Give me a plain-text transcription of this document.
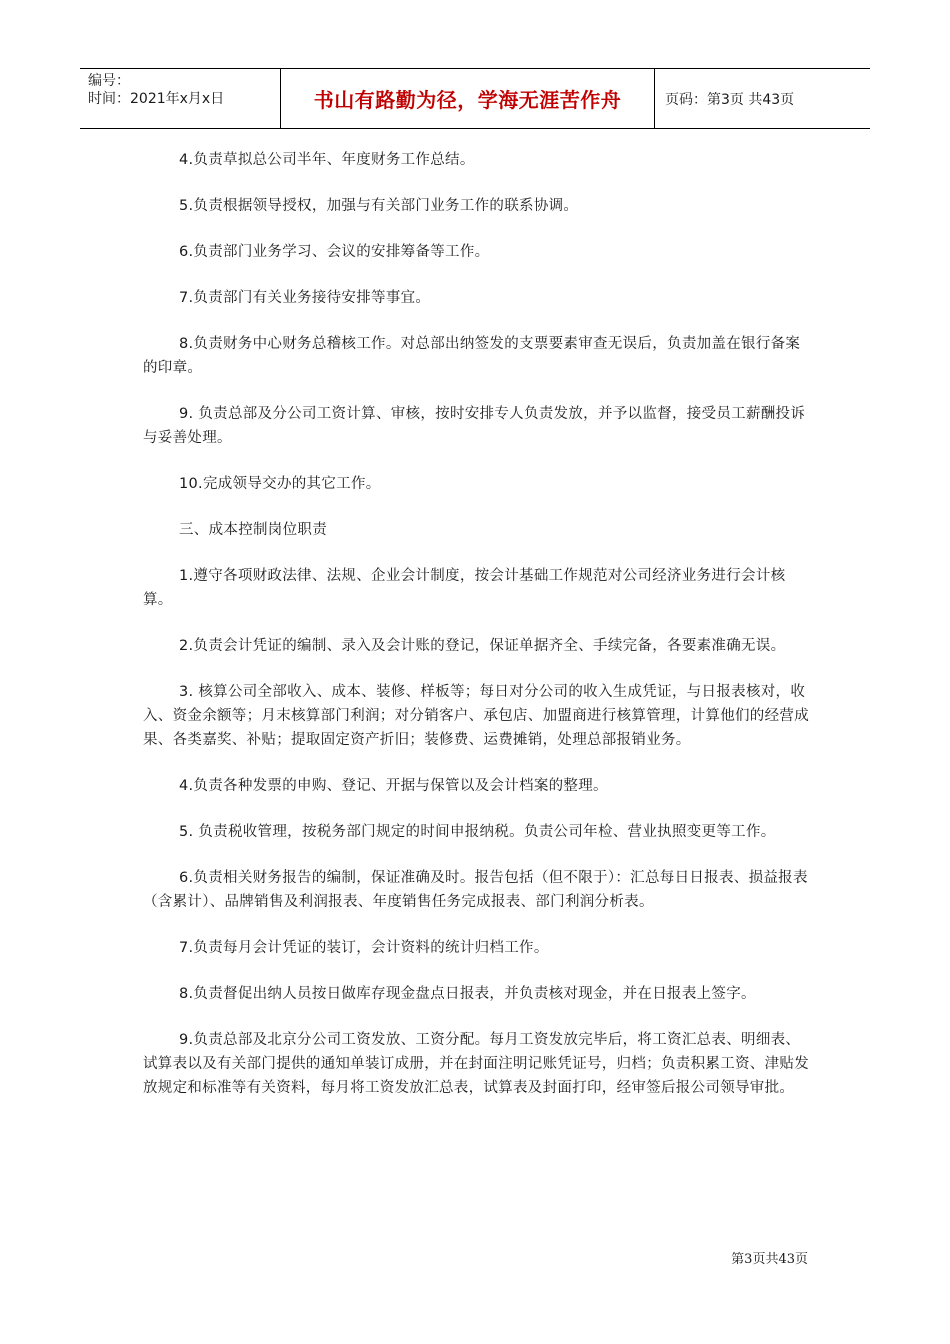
编号：
时间：2021年x月x日	书山有路勤为径，学海无涯苦作舟	页码：第3页 共43页

4.负责草拟总公司半年、年度财务工作总结。

5.负责根据领导授权，加强与有关部门业务工作的联系协调。

6.负责部门业务学习、会议的安排筹备等工作。

7.负责部门有关业务接待安排等事宜。

8.负责财务中心财务总稽核工作。对总部出纳签发的支票要素审查无误后，负责加盖在银行备案的印章。

9. 负责总部及分公司工资计算、审核，按时安排专人负责发放，并予以监督，接受员工薪酬投诉与妥善处理。

10.完成领导交办的其它工作。

三、成本控制岗位职责

1.遵守各项财政法律、法规、企业会计制度，按会计基础工作规范对公司经济业务进行会计核算。

2.负责会计凭证的编制、录入及会计账的登记，保证单据齐全、手续完备，各要素准确无误。

3. 核算公司全部收入、成本、装修、样板等；每日对分公司的收入生成凭证，与日报表核对，收入、资金余额等；月末核算部门利润；对分销客户、承包店、加盟商进行核算管理，计算他们的经营成果、各类嘉奖、补贴；提取固定资产折旧；装修费、运费摊销，处理总部报销业务。

4.负责各种发票的申购、登记、开据与保管以及会计档案的整理。

5. 负责税收管理，按税务部门规定的时间申报纳税。负责公司年检、营业执照变更等工作。

6.负责相关财务报告的编制，保证准确及时。报告包括（但不限于）：汇总每日日报表、损益报表（含累计）、品牌销售及利润报表、年度销售任务完成报表、部门利润分析表。

7.负责每月会计凭证的装订，会计资料的统计归档工作。

8.负责督促出纳人员按日做库存现金盘点日报表，并负责核对现金，并在日报表上签字。

9.负责总部及北京分公司工资发放、工资分配。每月工资发放完毕后，将工资汇总表、明细表、试算表以及有关部门提供的通知单装订成册，并在封面注明记账凭证号，归档；负责积累工资、津贴发放规定和标准等有关资料，每月将工资发放汇总表，试算表及封面打印，经审签后报公司领导审批。

第3页共43页
